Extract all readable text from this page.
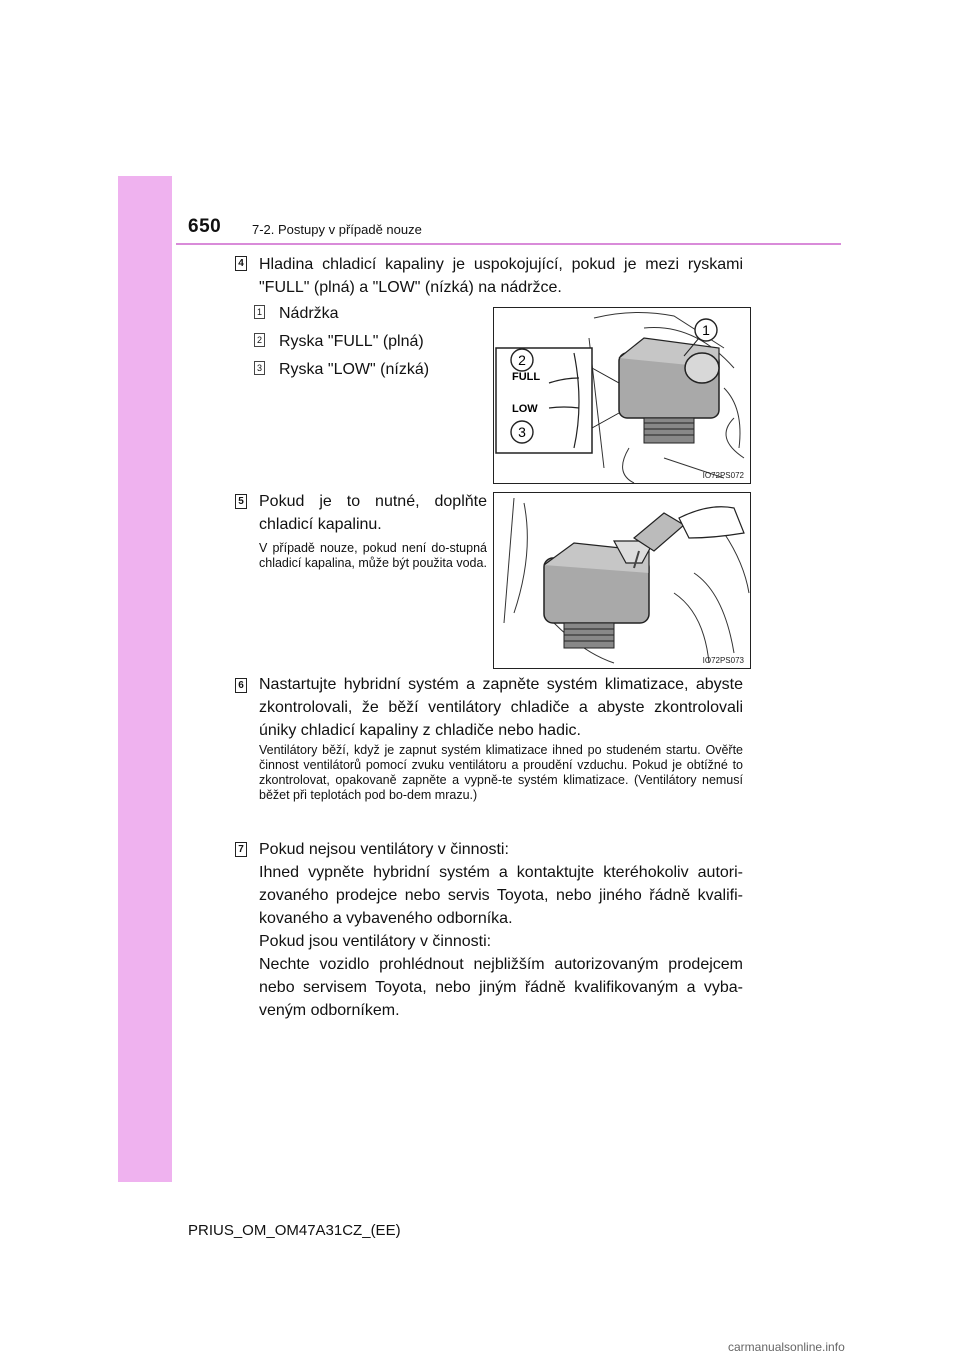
650 7-2. Postupy v případě nouze
4 Hladina chladicí kapaliny je uspokojující, pokud je mezi ryskami "FULL" (plná) a "LOW" (nízká) na nádržce.
1 Nádržka
2 Ryska "FULL" (plná)
3 Ryska "LOW" (nízká)	FULL
LOW
1
2
3
IO72PS072
5 Pokud je to nutné, doplňte chladicí kapalinu.
V případě nouze, pokud není do-stupná chladicí kapalina, může být použita voda.
IO72PS073
6 Nastartujte hybridní systém a zapněte systém klimatizace, abyste zkontrolovali, že běží ventilátory chladiče a abyste zkontrolovali úniky chladicí kapaliny z chladiče nebo hadic.
Ventilátory běží, když je zapnut systém klimatizace ihned po studeném startu. Ověřte činnost ventilátorů pomocí zvuku ventilátoru a proudění vzduchu. Pokud je obtížné to zkontrolovat, opakovaně zapněte a vypně-te systém klimatizace. (Ventilátory nemusí běžet při teplotách pod bo-dem mrazu.)
7 Pokud nejsou ventilátory v činnosti:
Ihned vypněte hybridní systém a kontaktujte kteréhokoliv autori-zovaného prodejce nebo servis Toyota, nebo jiného řádně kvalifi-kovaného a vybaveného odborníka.
Pokud jsou ventilátory v činnosti:
Nechte vozidlo prohlédnout nejbližším autorizovaným prodejcem nebo servisem Toyota, nebo jiným řádně kvalifikovaným a vyba-veným odborníkem.
PRIUS_OM_OM47A31CZ_(EE)
carmanualsonline.info
